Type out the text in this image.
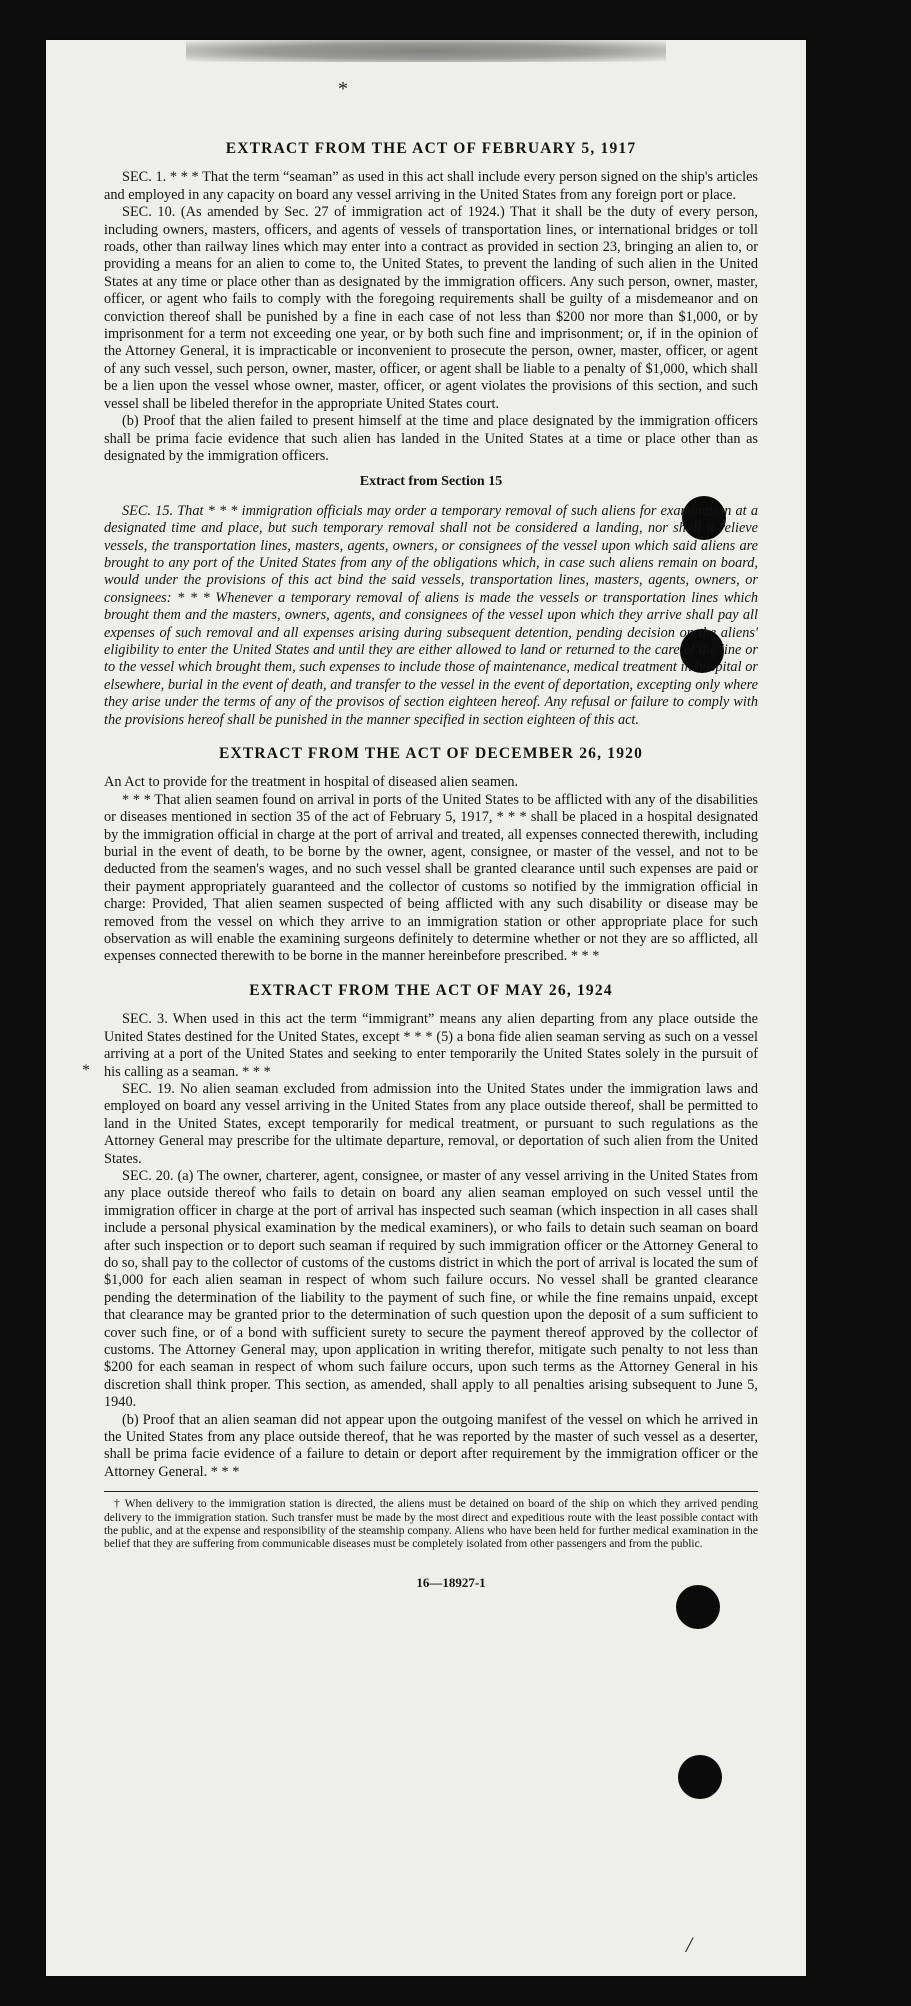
*
*
EXTRACT FROM THE ACT OF FEBRUARY 5, 1917

SEC. 1. * * * That the term “seaman” as used in this act shall include every person signed on the ship's articles and employed in any capacity on board any vessel arriving in the United States from any foreign port or place.

SEC. 10. (As amended by Sec. 27 of immigration act of 1924.) That it shall be the duty of every person, including owners, masters, officers, and agents of vessels of transportation lines, or international bridges or toll roads, other than railway lines which may enter into a contract as provided in section 23, bringing an alien to, or providing a means for an alien to come to, the United States, to prevent the landing of such alien in the United States at any time or place other than as designated by the immigration officers. Any such person, owner, master, officer, or agent who fails to comply with the foregoing requirements shall be guilty of a misdemeanor and on conviction thereof shall be punished by a fine in each case of not less than $200 nor more than $1,000, or by imprisonment for a term not exceeding one year, or by both such fine and imprisonment; or, if in the opinion of the Attorney General, it is impracticable or inconvenient to prosecute the person, owner, master, officer, or agent of any such vessel, such person, owner, master, officer, or agent shall be liable to a penalty of $1,000, which shall be a lien upon the vessel whose owner, master, officer, or agent violates the provisions of this section, and such vessel shall be libeled therefor in the appropriate United States court.

(b) Proof that the alien failed to present himself at the time and place designated by the immigration officers shall be prima facie evidence that such alien has landed in the United States at a time or place other than as designated by the immigration officers.

Extract from Section 15

SEC. 15. That * * * immigration officials may order a temporary removal of such aliens for examination at a designated time and place, but such temporary removal shall not be considered a landing, nor shall it relieve vessels, the transportation lines, masters, agents, owners, or consignees of the vessel upon which said aliens are brought to any port of the United States from any of the obligations which, in case such aliens remain on board, would under the provisions of this act bind the said vessels, transportation lines, masters, agents, owners, or consignees: * * * Whenever a temporary removal of aliens is made the vessels or transportation lines which brought them and the masters, owners, agents, and consignees of the vessel upon which they arrive shall pay all expenses of such removal and all expenses arising during subsequent detention, pending decision on the aliens' eligibility to enter the United States and until they are either allowed to land or returned to the care of the line or to the vessel which brought them, such expenses to include those of maintenance, medical treatment in hospital or elsewhere, burial in the event of death, and transfer to the vessel in the event of deportation, excepting only where they arise under the terms of any of the provisos of section eighteen hereof. Any refusal or failure to comply with the provisions hereof shall be punished in the manner specified in section eighteen of this act.

EXTRACT FROM THE ACT OF DECEMBER 26, 1920

An Act to provide for the treatment in hospital of diseased alien seamen.

* * * That alien seamen found on arrival in ports of the United States to be afflicted with any of the disabilities or diseases mentioned in section 35 of the act of February 5, 1917, * * * shall be placed in a hospital designated by the immigration official in charge at the port of arrival and treated, all expenses connected therewith, including burial in the event of death, to be borne by the owner, agent, consignee, or master of the vessel, and not to be deducted from the seamen's wages, and no such vessel shall be granted clearance until such expenses are paid or their payment appropriately guaranteed and the collector of customs so notified by the immigration official in charge: Provided, That alien seamen suspected of being afflicted with any such disability or disease may be removed from the vessel on which they arrive to an immigration station or other appropriate place for such observation as will enable the examining surgeons definitely to determine whether or not they are so afflicted, all expenses connected therewith to be borne in the manner hereinbefore prescribed. * * *

EXTRACT FROM THE ACT OF MAY 26, 1924

SEC. 3. When used in this act the term “immigrant” means any alien departing from any place outside the United States destined for the United States, except * * * (5) a bona fide alien seaman serving as such on a vessel arriving at a port of the United States and seeking to enter temporarily the United States solely in the pursuit of his calling as a seaman. * * *

SEC. 19. No alien seaman excluded from admission into the United States under the immigration laws and employed on board any vessel arriving in the United States from any place outside thereof, shall be permitted to land in the United States, except temporarily for medical treatment, or pursuant to such regulations as the Attorney General may prescribe for the ultimate departure, removal, or deportation of such alien from the United States.

SEC. 20. (a) The owner, charterer, agent, consignee, or master of any vessel arriving in the United States from any place outside thereof who fails to detain on board any alien seaman employed on such vessel until the immigration officer in charge at the port of arrival has inspected such seaman (which inspection in all cases shall include a personal physical examination by the medical examiners), or who fails to detain such seaman on board after such inspection or to deport such seaman if required by such immigration officer or the Attorney General to do so, shall pay to the collector of customs of the customs district in which the port of arrival is located the sum of $1,000 for each alien seaman in respect of whom such failure occurs. No vessel shall be granted clearance pending the determination of the liability to the payment of such fine, or while the fine remains unpaid, except that clearance may be granted prior to the determination of such question upon the deposit of a sum sufficient to cover such fine, or of a bond with sufficient surety to secure the payment thereof approved by the collector of customs. The Attorney General may, upon application in writing therefor, mitigate such penalty to not less than $200 for each seaman in respect of whom such failure occurs, upon such terms as the Attorney General in his discretion shall think proper. This section, as amended, shall apply to all penalties arising subsequent to June 5, 1940.

(b) Proof that an alien seaman did not appear upon the outgoing manifest of the vessel on which he arrived in the United States from any place outside thereof, that he was reported by the master of such vessel as a deserter, shall be prima facie evidence of a failure to detain or deport after requirement by the immigration officer or the Attorney General. * * *

† When delivery to the immigration station is directed, the aliens must be detained on board of the ship on which they arrived pending delivery to the immigration station. Such transfer must be made by the most direct and expeditious route with the least possible contact with the public, and at the expense and responsibility of the steamship company. Aliens who have been held for further medical examination in the belief that they are suffering from communicable diseases must be completely isolated from other passengers and from the public.

16—18927-1
/
